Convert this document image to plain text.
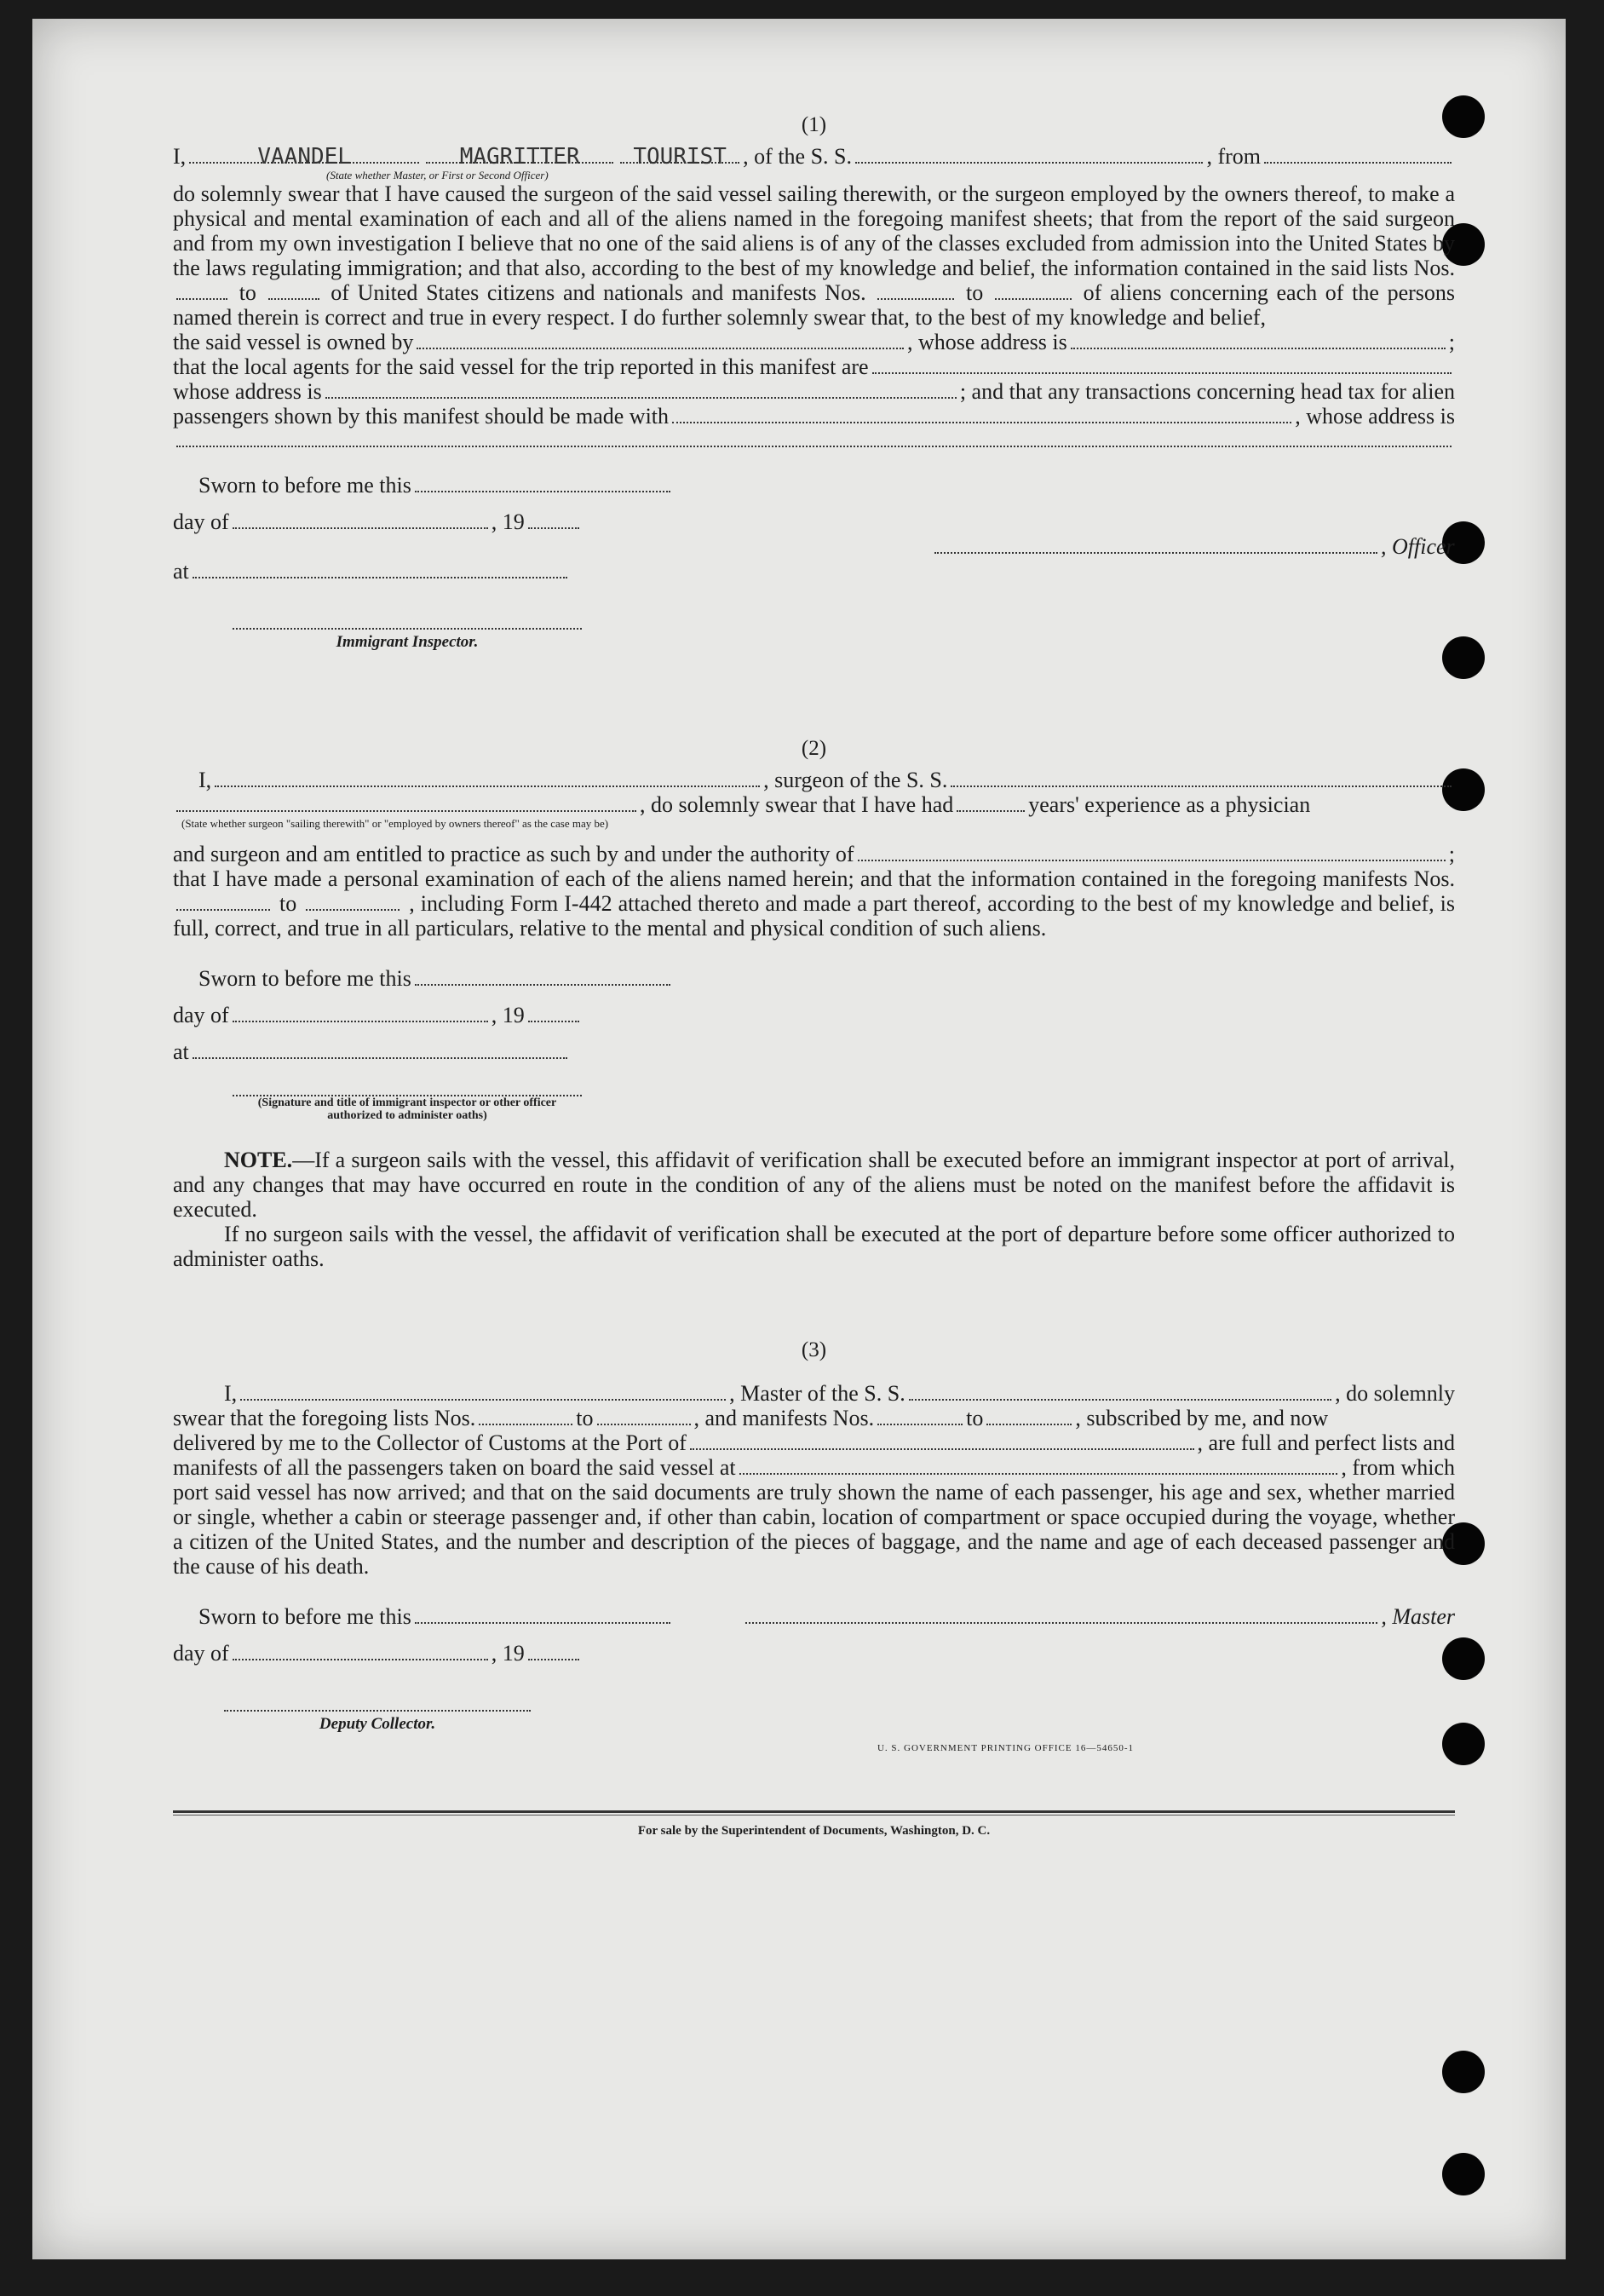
(1)
I,	VAANDEL	MAGRITTER	TOURIST , of the S. S.	, from
(State whether Master, or First or Second Officer)

do solemnly swear that I have caused the surgeon of the said vessel sailing therewith, or the surgeon employed by the owners thereof, to make a physical and mental examination of each and all of the aliens named in the foregoing manifest sheets; that from the report of the said surgeon and from my own investigation I believe that no one of the said aliens is of any of the classes excluded from admission into the United States by the laws regulating immigration; and that also, according to the best of my knowledge and belief, the information contained in the said lists Nos.  to	of United States citizens and nationals and manifests Nos.	to	of aliens concerning each of the persons named therein is correct and true in every respect. I do further solemnly swear that, to the best of my knowledge and belief,

the said vessel is owned by	, whose address is	;
that the local agents for the said vessel for the trip reported in this manifest are
whose address is	; and that any transactions concerning head tax for alien
passengers shown by this manifest should be made with	, whose address is
Sworn to before me this
day of	, 19
, Officer
at
Immigrant Inspector.
(2)
I,	, surgeon of the S. S.
, do solemnly swear that I have had	years' experience as a physician
(State whether surgeon "sailing therewith" or "employed by owners thereof" as the case may be)
and surgeon and am entitled to practice as such by and under the authority of	;

that I have made a personal examination of each of the aliens named herein; and that the information contained in the foregoing manifests Nos.  to	, including Form I-442 attached thereto and made a part thereof, according to the best of my knowledge and belief, is full, correct, and true in all particulars, relative to the mental and physical condition of such aliens.

Sworn to before me this
day of	, 19
at
(Signature and title of immigrant inspector or other officer authorized to administer oaths)

NOTE.—If a surgeon sails with the vessel, this affidavit of verification shall be executed before an immigrant inspector at port of arrival, and any changes that may have occurred en route in the condition of any of the aliens must be noted on the manifest before the affidavit is executed.

If no surgeon sails with the vessel, the affidavit of verification shall be executed at the port of departure before some officer authorized to administer oaths.

(3)
I,	, Master of the S. S.	, do solemnly
swear that the foregoing lists Nos.	to	, and manifests Nos.	to	, subscribed by me, and now
delivered by me to the Collector of Customs at the Port of	, are full and perfect lists and
manifests of all the passengers taken on board the said vessel at	, from which

port said vessel has now arrived; and that on the said documents are truly shown the name of each passenger, his age and sex, whether married or single, whether a cabin or steerage passenger and, if other than cabin, location of compartment or space occupied during the voyage, whether a citizen of the United States, and the number and description of the pieces of baggage, and the name and age of each deceased passenger and the cause of his death.

Sworn to before me this	, Master
day of	, 19
Deputy Collector.
U. S. GOVERNMENT PRINTING OFFICE 16—54650-1
For sale by the Superintendent of Documents, Washington, D. C.
